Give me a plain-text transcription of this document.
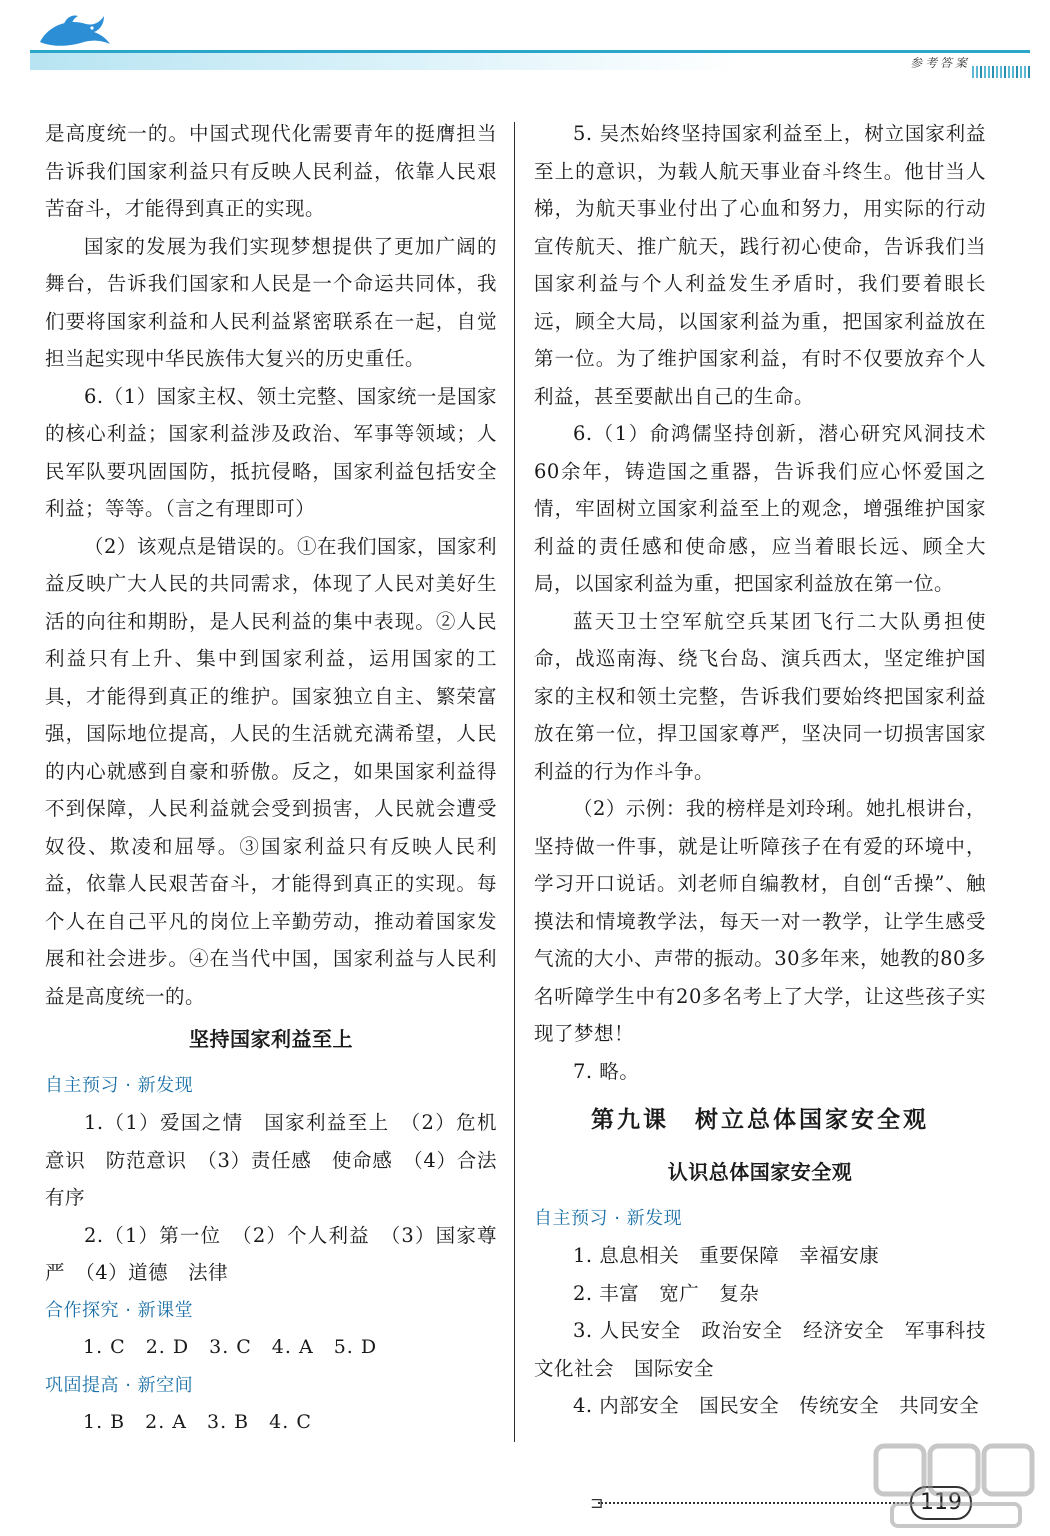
参考答案

是高度统一的。中国式现代化需要青年的挺膺担当告诉我们国家利益只有反映人民利益，依靠人民艰苦奋斗，才能得到真正的实现。

国家的发展为我们实现梦想提供了更加广阔的舞台，告诉我们国家和人民是一个命运共同体，我们要将国家利益和人民利益紧密联系在一起，自觉担当起实现中华民族伟大复兴的历史重任。

6.（1）国家主权、领土完整、国家统一是国家的核心利益；国家利益涉及政治、军事等领域；人民军队要巩固国防，抵抗侵略，国家利益包括安全利益；等等。（言之有理即可）

（2）该观点是错误的。①在我们国家，国家利益反映广大人民的共同需求，体现了人民对美好生活的向往和期盼，是人民利益的集中表现。②人民利益只有上升、集中到国家利益，运用国家的工具，才能得到真正的维护。国家独立自主、繁荣富强，国际地位提高，人民的生活就充满希望，人民的内心就感到自豪和骄傲。反之，如果国家利益得不到保障，人民利益就会受到损害，人民就会遭受奴役、欺凌和屈辱。③国家利益只有反映人民利益，依靠人民艰苦奋斗，才能得到真正的实现。每个人在自己平凡的岗位上辛勤劳动，推动着国家发展和社会进步。④在当代中国，国家利益与人民利益是高度统一的。

坚持国家利益至上

自主预习 · 新发现

1.（1）爱国之情　国家利益至上　（2）危机意识　防范意识　（3）责任感　使命感　（4）合法有序

2.（1）第一位　（2）个人利益　（3）国家尊严　（4）道德　法律

合作探究 · 新课堂

1. C　2. D　3. C　4. A　5. D

巩固提高 · 新空间

1. B　2. A　3. B　4. C

5. 吴杰始终坚持国家利益至上，树立国家利益至上的意识，为载人航天事业奋斗终生。他甘当人梯，为航天事业付出了心血和努力，用实际的行动宣传航天、推广航天，践行初心使命，告诉我们当国家利益与个人利益发生矛盾时，我们要着眼长远，顾全大局，以国家利益为重，把国家利益放在第一位。为了维护国家利益，有时不仅要放弃个人利益，甚至要献出自己的生命。

6.（1）俞鸿儒坚持创新，潜心研究风洞技术60余年，铸造国之重器，告诉我们应心怀爱国之情，牢固树立国家利益至上的观念，增强维护国家利益的责任感和使命感，应当着眼长远、顾全大局，以国家利益为重，把国家利益放在第一位。

蓝天卫士空军航空兵某团飞行二大队勇担使命，战巡南海、绕飞台岛、演兵西太，坚定维护国家的主权和领土完整，告诉我们要始终把国家利益放在第一位，捍卫国家尊严，坚决同一切损害国家利益的行为作斗争。

（2）示例：我的榜样是刘玲琍。她扎根讲台，坚持做一件事，就是让听障孩子在有爱的环境中，学习开口说话。刘老师自编教材，自创“舌操”、触摸法和情境教学法，每天一对一教学，让学生感受气流的大小、声带的振动。30多年来，她教的80多名听障学生中有20多名考上了大学，让这些孩子实现了梦想！

7. 略。

第九课　树立总体国家安全观

认识总体国家安全观

自主预习 · 新发现

1. 息息相关　重要保障　幸福安康

2. 丰富　宽广　复杂

3. 人民安全　政治安全　经济安全　军事科技文化社会　国际安全

4. 内部安全　国民安全　传统安全　共同安全

⊐	119
